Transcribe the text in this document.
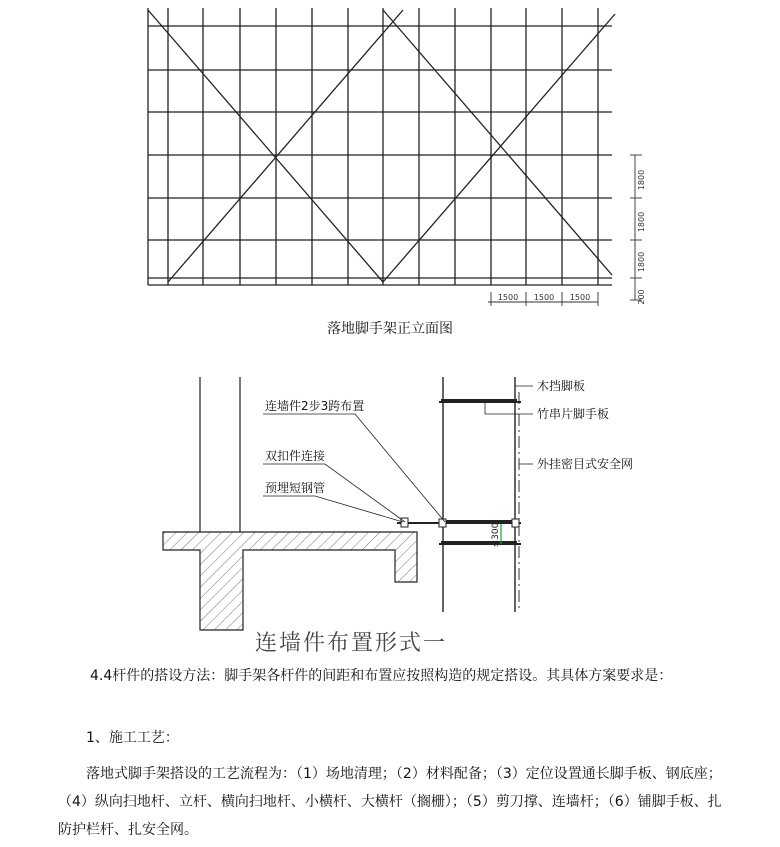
1800
1800
1800
200
1500 1500 1500
落地脚手架正立面图
≤300
连墙件2步3跨布置
双扣件连接
预埋短钢管
木挡脚板
竹串片脚手板
外挂密目式安全网
连墙件布置形式一
4.4杆件的搭设方法：脚手架各杆件的间距和布置应按照构造的规定搭设。其具体方案要求是：
1、施工工艺：
落地式脚手架搭设的工艺流程为：（1）场地清理；（2）材料配备；（3）定位设置通长脚手板、钢底座；（4）纵向扫地杆、立杆、横向扫地杆、小横杆、大横杆（搁栅）；（5）剪刀撑、连墙杆；（6）铺脚手板、扎防护栏杆、扎安全网。
